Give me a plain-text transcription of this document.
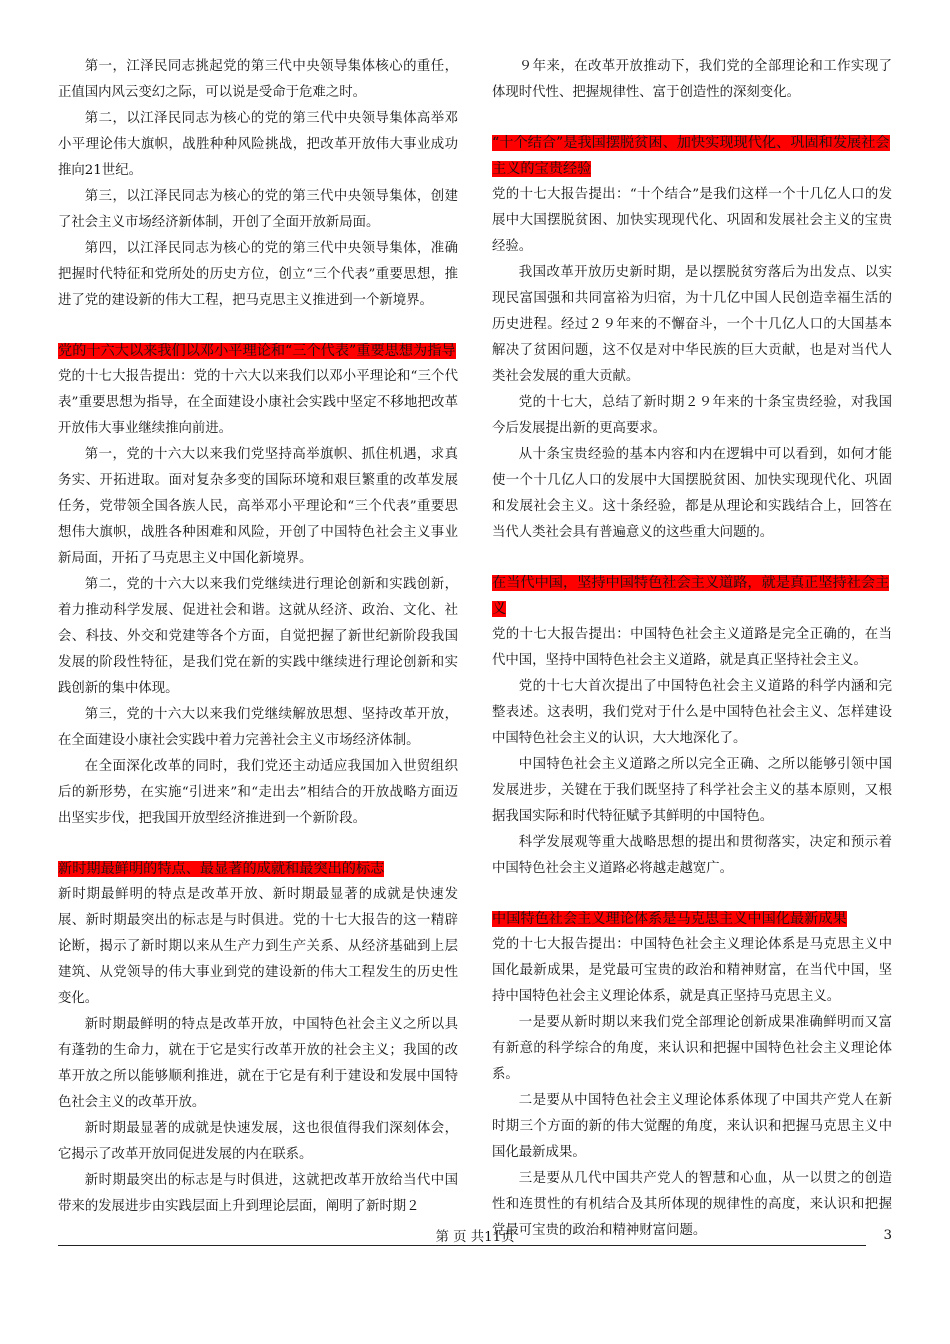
第一，江泽民同志挑起党的第三代中央领导集体核心的重任，正值国内风云变幻之际，可以说是受命于危难之时。

第二，以江泽民同志为核心的党的第三代中央领导集体高举邓小平理论伟大旗帜，战胜种种风险挑战，把改革开放伟大事业成功推向21世纪。

第三，以江泽民同志为核心的党的第三代中央领导集体，创建了社会主义市场经济新体制，开创了全面开放新局面。

第四，以江泽民同志为核心的党的第三代中央领导集体，准确把握时代特征和党所处的历史方位，创立“三个代表”重要思想，推进了党的建设新的伟大工程，把马克思主义推进到一个新境界。

党的十六大以来我们以邓小平理论和“三个代表”重要思想为指导

党的十七大报告提出：党的十六大以来我们以邓小平理论和“三个代表”重要思想为指导，在全面建设小康社会实践中坚定不移地把改革开放伟大事业继续推向前进。

第一，党的十六大以来我们党坚持高举旗帜、抓住机遇，求真务实、开拓进取。面对复杂多变的国际环境和艰巨繁重的改革发展任务，党带领全国各族人民，高举邓小平理论和“三个代表”重要思想伟大旗帜，战胜各种困难和风险，开创了中国特色社会主义事业新局面，开拓了马克思主义中国化新境界。

第二，党的十六大以来我们党继续进行理论创新和实践创新，着力推动科学发展、促进社会和谐。这就从经济、政治、文化、社会、科技、外交和党建等各个方面，自觉把握了新世纪新阶段我国发展的阶段性特征，是我们党在新的实践中继续进行理论创新和实践创新的集中体现。

第三，党的十六大以来我们党继续解放思想、坚持改革开放，在全面建设小康社会实践中着力完善社会主义市场经济体制。

在全面深化改革的同时，我们党还主动适应我国加入世贸组织后的新形势，在实施“引进来”和“走出去”相结合的开放战略方面迈出坚实步伐，把我国开放型经济推进到一个新阶段。

新时期最鲜明的特点、最显著的成就和最突出的标志

新时期最鲜明的特点是改革开放、新时期最显著的成就是快速发展、新时期最突出的标志是与时俱进。党的十七大报告的这一精辟论断，揭示了新时期以来从生产力到生产关系、从经济基础到上层建筑、从党领导的伟大事业到党的建设新的伟大工程发生的历史性变化。

新时期最鲜明的特点是改革开放，中国特色社会主义之所以具有蓬勃的生命力，就在于它是实行改革开放的社会主义；我国的改革开放之所以能够顺利推进，就在于它是有利于建设和发展中国特色社会主义的改革开放。

新时期最显著的成就是快速发展，这也很值得我们深刻体会，它揭示了改革开放同促进发展的内在联系。

新时期最突出的标志是与时俱进，这就把改革开放给当代中国带来的发展进步由实践层面上升到理论层面，阐明了新时期２

９年来，在改革开放推动下，我们党的全部理论和工作实现了体现时代性、把握规律性、富于创造性的深刻变化。

“十个结合”是我国摆脱贫困、加快实现现代化、巩固和发展社会主义的宝贵经验

党的十七大报告提出：“十个结合”是我们这样一个十几亿人口的发展中大国摆脱贫困、加快实现现代化、巩固和发展社会主义的宝贵经验。

我国改革开放历史新时期，是以摆脱贫穷落后为出发点、以实现民富国强和共同富裕为归宿，为十几亿中国人民创造幸福生活的历史进程。经过２９年来的不懈奋斗，一个十几亿人口的大国基本解决了贫困问题，这不仅是对中华民族的巨大贡献，也是对当代人类社会发展的重大贡献。

党的十七大，总结了新时期２９年来的十条宝贵经验，对我国今后发展提出新的更高要求。

从十条宝贵经验的基本内容和内在逻辑中可以看到，如何才能使一个十几亿人口的发展中大国摆脱贫困、加快实现现代化、巩固和发展社会主义。这十条经验，都是从理论和实践结合上，回答在当代人类社会具有普遍意义的这些重大问题的。

在当代中国，坚持中国特色社会主义道路，就是真正坚持社会主义

党的十七大报告提出：中国特色社会主义道路是完全正确的，在当代中国，坚持中国特色社会主义道路，就是真正坚持社会主义。

党的十七大首次提出了中国特色社会主义道路的科学内涵和完整表述。这表明，我们党对于什么是中国特色社会主义、怎样建设中国特色社会主义的认识，大大地深化了。

中国特色社会主义道路之所以完全正确、之所以能够引领中国发展进步，关键在于我们既坚持了科学社会主义的基本原则，又根据我国实际和时代特征赋予其鲜明的中国特色。

科学发展观等重大战略思想的提出和贯彻落实，决定和预示着中国特色社会主义道路必将越走越宽广。

中国特色社会主义理论体系是马克思主义中国化最新成果

党的十七大报告提出：中国特色社会主义理论体系是马克思主义中国化最新成果，是党最可宝贵的政治和精神财富，在当代中国，坚持中国特色社会主义理论体系，就是真正坚持马克思主义。

一是要从新时期以来我们党全部理论创新成果准确鲜明而又富有新意的科学综合的角度，来认识和把握中国特色社会主义理论体系。

二是要从中国特色社会主义理论体系体现了中国共产党人在新时期三个方面的新的伟大觉醒的角度，来认识和把握马克思主义中国化最新成果。

三是要从几代中国共产党人的智慧和心血，从一以贯之的创造性和连贯性的有机结合及其所体现的规律性的高度，来认识和把握党最可宝贵的政治和精神财富问题。

第 页 共11页	3
